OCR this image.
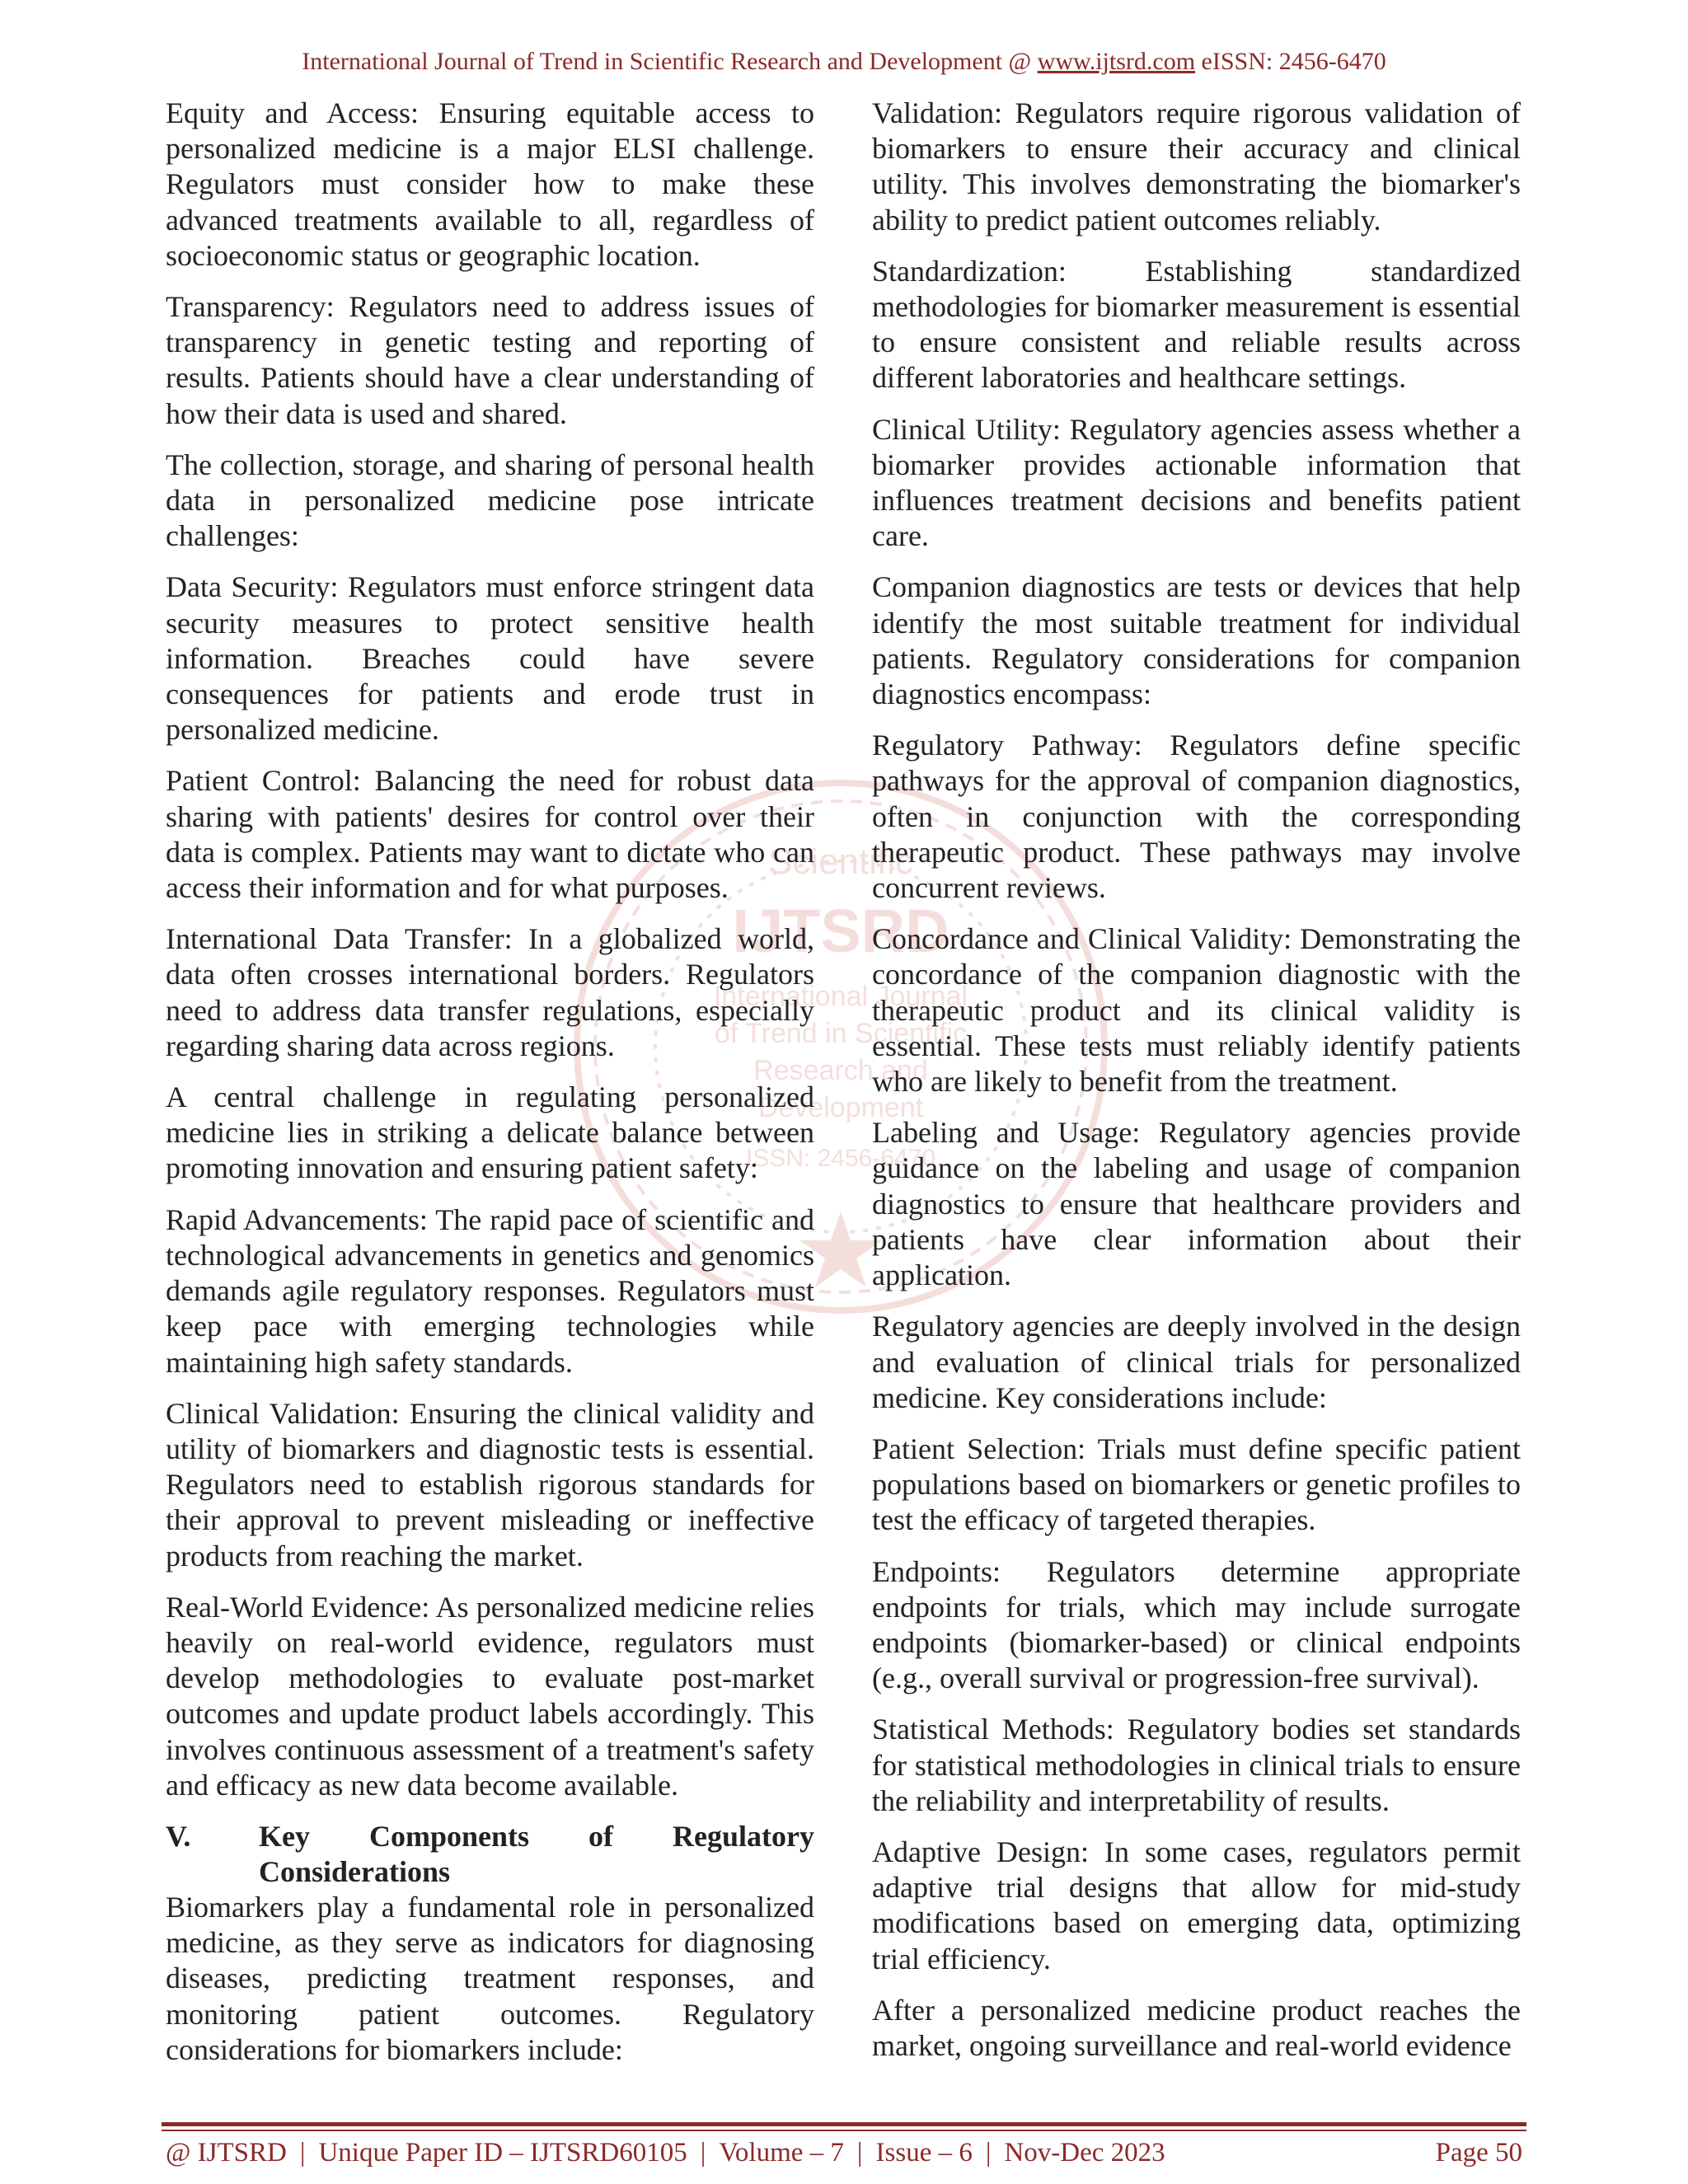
International Journal of Trend in Scientific Research and Development @ www.ijtsrd.com eISSN: 2456-6470
Scientific
IJTSRD
International Journal
of Trend in Scientific
Research and
Development
ISSN: 2456-6470

Equity and Access: Ensuring equitable access to personalized medicine is a major ELSI challenge. Regulators must consider how to make these advanced treatments available to all, regardless of socioeconomic status or geographic location.

Transparency: Regulators need to address issues of transparency in genetic testing and reporting of results. Patients should have a clear understanding of how their data is used and shared.

The collection, storage, and sharing of personal health data in personalized medicine pose intricate challenges:

Data Security: Regulators must enforce stringent data security measures to protect sensitive health information. Breaches could have severe consequences for patients and erode trust in personalized medicine.

Patient Control: Balancing the need for robust data sharing with patients' desires for control over their data is complex. Patients may want to dictate who can access their information and for what purposes.

International Data Transfer: In a globalized world, data often crosses international borders. Regulators need to address data transfer regulations, especially regarding sharing data across regions.

A central challenge in regulating personalized medicine lies in striking a delicate balance between promoting innovation and ensuring patient safety:

Rapid Advancements: The rapid pace of scientific and technological advancements in genetics and genomics demands agile regulatory responses. Regulators must keep pace with emerging technologies while maintaining high safety standards.

Clinical Validation: Ensuring the clinical validity and utility of biomarkers and diagnostic tests is essential. Regulators need to establish rigorous standards for their approval to prevent misleading or ineffective products from reaching the market.

Real-World Evidence: As personalized medicine relies heavily on real-world evidence, regulators must develop methodologies to evaluate post-market outcomes and update product labels accordingly. This involves continuous assessment of a treatment's safety and efficacy as new data become available.

V.	Key Components of Regulatory Considerations

Biomarkers play a fundamental role in personalized medicine, as they serve as indicators for diagnosing diseases, predicting treatment responses, and monitoring patient outcomes. Regulatory considerations for biomarkers include:

Validation: Regulators require rigorous validation of biomarkers to ensure their accuracy and clinical utility. This involves demonstrating the biomarker's ability to predict patient outcomes reliably.

Standardization: Establishing standardized methodologies for biomarker measurement is essential to ensure consistent and reliable results across different laboratories and healthcare settings.

Clinical Utility: Regulatory agencies assess whether a biomarker provides actionable information that influences treatment decisions and benefits patient care.

Companion diagnostics are tests or devices that help identify the most suitable treatment for individual patients. Regulatory considerations for companion diagnostics encompass:

Regulatory Pathway: Regulators define specific pathways for the approval of companion diagnostics, often in conjunction with the corresponding therapeutic product. These pathways may involve concurrent reviews.

Concordance and Clinical Validity: Demonstrating the concordance of the companion diagnostic with the therapeutic product and its clinical validity is essential. These tests must reliably identify patients who are likely to benefit from the treatment.

Labeling and Usage: Regulatory agencies provide guidance on the labeling and usage of companion diagnostics to ensure that healthcare providers and patients have clear information about their application.

Regulatory agencies are deeply involved in the design and evaluation of clinical trials for personalized medicine. Key considerations include:

Patient Selection: Trials must define specific patient populations based on biomarkers or genetic profiles to test the efficacy of targeted therapies.

Endpoints: Regulators determine appropriate endpoints for trials, which may include surrogate endpoints (biomarker-based) or clinical endpoints (e.g., overall survival or progression-free survival).

Statistical Methods: Regulatory bodies set standards for statistical methodologies in clinical trials to ensure the reliability and interpretability of results.

Adaptive Design: In some cases, regulators permit adaptive trial designs that allow for mid-study modifications based on emerging data, optimizing trial efficiency.

After a personalized medicine product reaches the market, ongoing surveillance and real-world evidence

@ IJTSRD | Unique Paper ID – IJTSRD60105 | Volume – 7 | Issue – 6 | Nov-Dec 2023	Page 50
